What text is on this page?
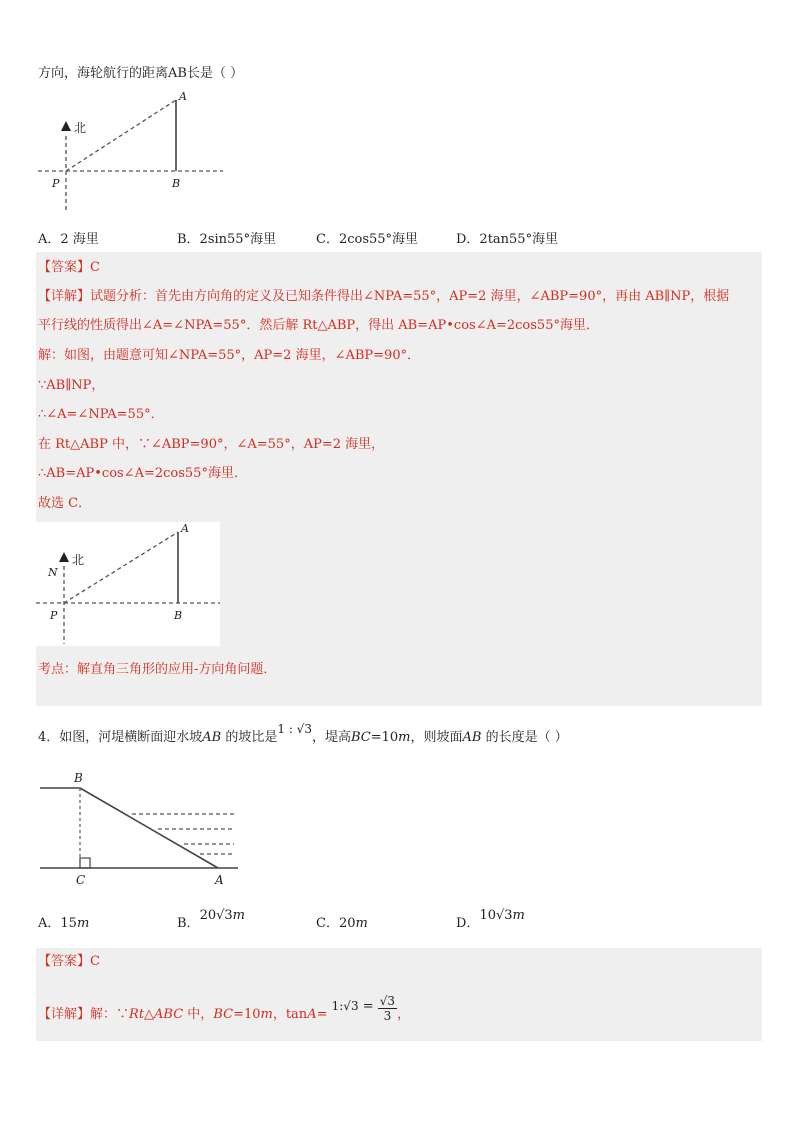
方向，海轮航行的距离AB长是（ ）
北
A
B
P
A．2 海里	B．2sin55°海里	C．2cos55°海里	D．2tan55°海里
【答案】C
【详解】试题分析：首先由方向角的定义及已知条件得出∠NPA=55°，AP=2 海里，∠ABP=90°，再由 AB∥NP，根据
平行线的性质得出∠A=∠NPA=55°．然后解 Rt△ABP，得出 AB=AP•cos∠A=2cos55°海里．
解：如图，由题意可知∠NPA=55°，AP=2 海里，∠ABP=90°．
∵AB∥NP，
∴∠A=∠NPA=55°．
在 Rt△ABP 中，∵∠ABP=90°，∠A=55°，AP=2 海里，
∴AB=AP•cos∠A=2cos55°海里．
故选 C．
北
N
A
B
P
考点：解直角三角形的应用-方向角问题．
4．如图，河堤横断面迎水坡AB 的坡比是1 : √3，堤高BC=10m，则坡面AB 的长度是（ ）
B
C	A
A．15m	B．20√3m
C．20m	D．10√3m
【答案】C
【详解】解：∵Rt△ABC 中，BC=10m，tanA= 1:√3 = $\frac{√3}{3}$ ，
